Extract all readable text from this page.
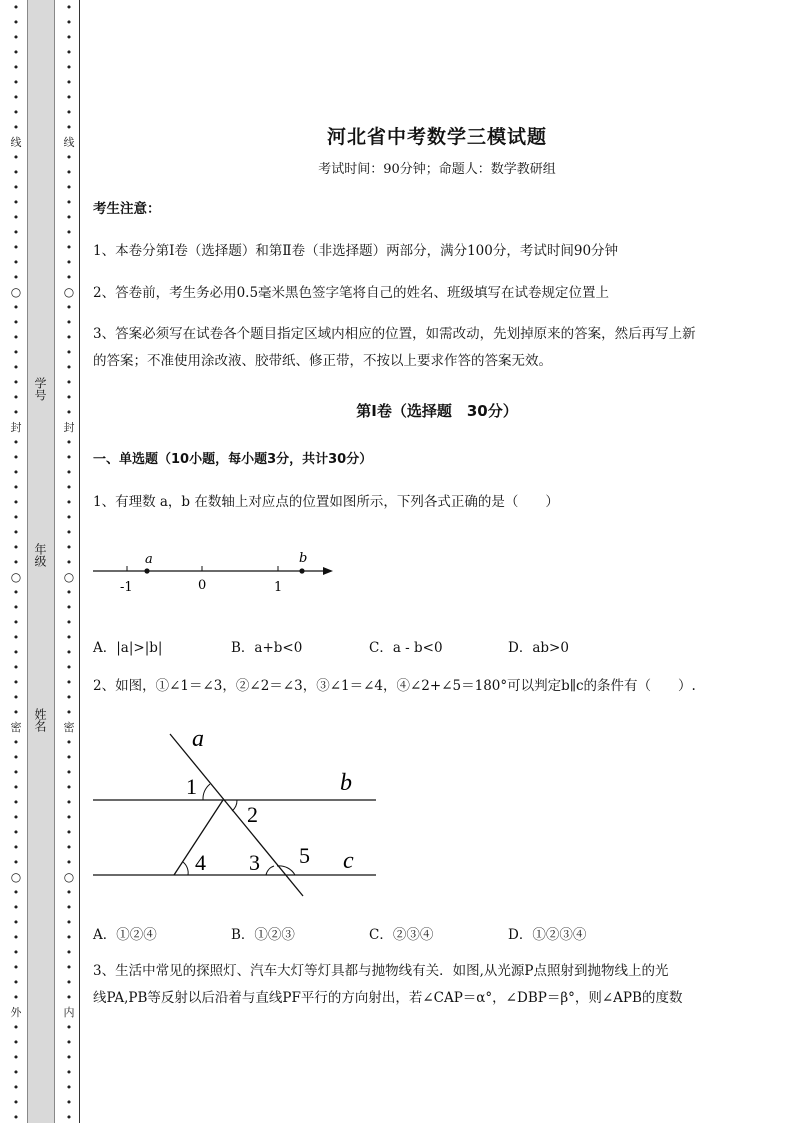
•
•
•
•
•
•
•
•
•
线
•
•
•
•
•
•
•
•
•
○
•
•
•
•
•
•
•
•
封
•
•
•
•
•
•
•
•
•
○
•
•
•
•
•
•
•
•
•
密
•
•
•
•
•
•
•
•
•
○
•
•
•
•
•
•
•
•
外
•
•
•
•
•
•
•
•
•
•
•
•
•
•
•
•
线
•
•
•
•
•
•
•
•
•
○
•
•
•
•
•
•
•
•
封
•
•
•
•
•
•
•
•
•
○
•
•
•
•
•
•
•
•
•
密
•
•
•
•
•
•
•
•
•
○
•
•
•
•
•
•
•
•
内
•
•
•
•
•
•
•
学号
年级
姓名
河北省中考数学三模试题
考试时间：90分钟；命题人：数学教研组
考生注意：
1、本卷分第Ⅰ卷（选择题）和第Ⅱ卷（非选择题）两部分，满分100分，考试时间90分钟
2、答卷前，考生务必用0.5毫米黑色签字笔将自己的姓名、班级填写在试卷规定位置上
3、答案必须写在试卷各个题目指定区域内相应的位置，如需改动，先划掉原来的答案，然后再写上新
的答案；不准使用涂改液、胶带纸、修正带，不按以上要求作答的答案无效。
第Ⅰ卷（选择题　30分）
一、单选题（10小题，每小题3分，共计30分）
1、有理数 a，b 在数轴上对应点的位置如图所示，下列各式正确的是（　　）
a	b
-1	0	1
A．|a|>|b|	B．a+b<0	C．a - b<0	D．ab>0
2、如图，①∠1＝∠3，②∠2＝∠3，③∠1＝∠4，④∠2+∠5＝180°可以判定b∥c的条件有（　　）.
a
b
c
1
2
3
4	5
A．①②④	B．①②③	C．②③④	D．①②③④
3、生活中常见的探照灯、汽车大灯等灯具都与抛物线有关．如图,从光源P点照射到抛物线上的光
线PA,PB等反射以后沿着与直线PF平行的方向射出，若∠CAP＝α°，∠DBP＝β°，则∠APB的度数
